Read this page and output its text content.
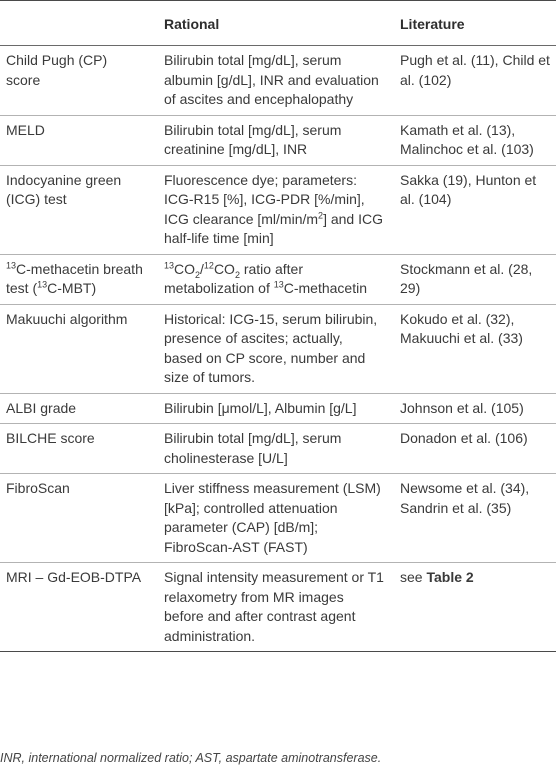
	Rational	Literature
Child Pugh (CP) score	Bilirubin total [mg/dL], serum albumin [g/dL], INR and evaluation of ascites and encephalopathy	Pugh et al. (11), Child et al. (102)
MELD	Bilirubin total [mg/dL], serum creatinine [mg/dL], INR	Kamath et al. (13), Malinchoc et al. (103)
Indocyanine green (ICG) test	Fluorescence dye; parameters: ICG-R15 [%], ICG-PDR [%/min], ICG clearance $[ml/\min/m^2]$ and ICG half-life time [min]	Sakka (19), Hunton et al. (104)
$^{13}$C-methacetin breath test ($^{13}$C-MBT)	$^{13}CO_2/^{12}CO_2$ ratio after metabolization of $^{13}$C-methacetin	Stockmann et al. (28, 29)
Makuuchi algorithm	Historical: ICG-15, serum bilirubin, presence of ascites; actually, based on CP score, number and size of tumors.	Kokudo et al. (32), Makuuchi et al. (33)
ALBI grade	Bilirubin [μmol/L], Albumin [g/L]	Johnson et al. (105)
BILCHE score	Bilirubin total [mg/dL], serum cholinesterase [U/L]	Donadon et al. (106)
FibroScan	Liver stiffness measurement (LSM) [kPa]; controlled attenuation parameter (CAP) [dB/m]; FibroScan-AST (FAST)	Newsome et al. (34), Sandrin et al. (35)
MRI – Gd-EOB-DTPA	Signal intensity measurement or T1 relaxometry from MR images before and after contrast agent administration.	see Table 2
INR, international normalized ratio; AST, aspartate aminotransferase.
